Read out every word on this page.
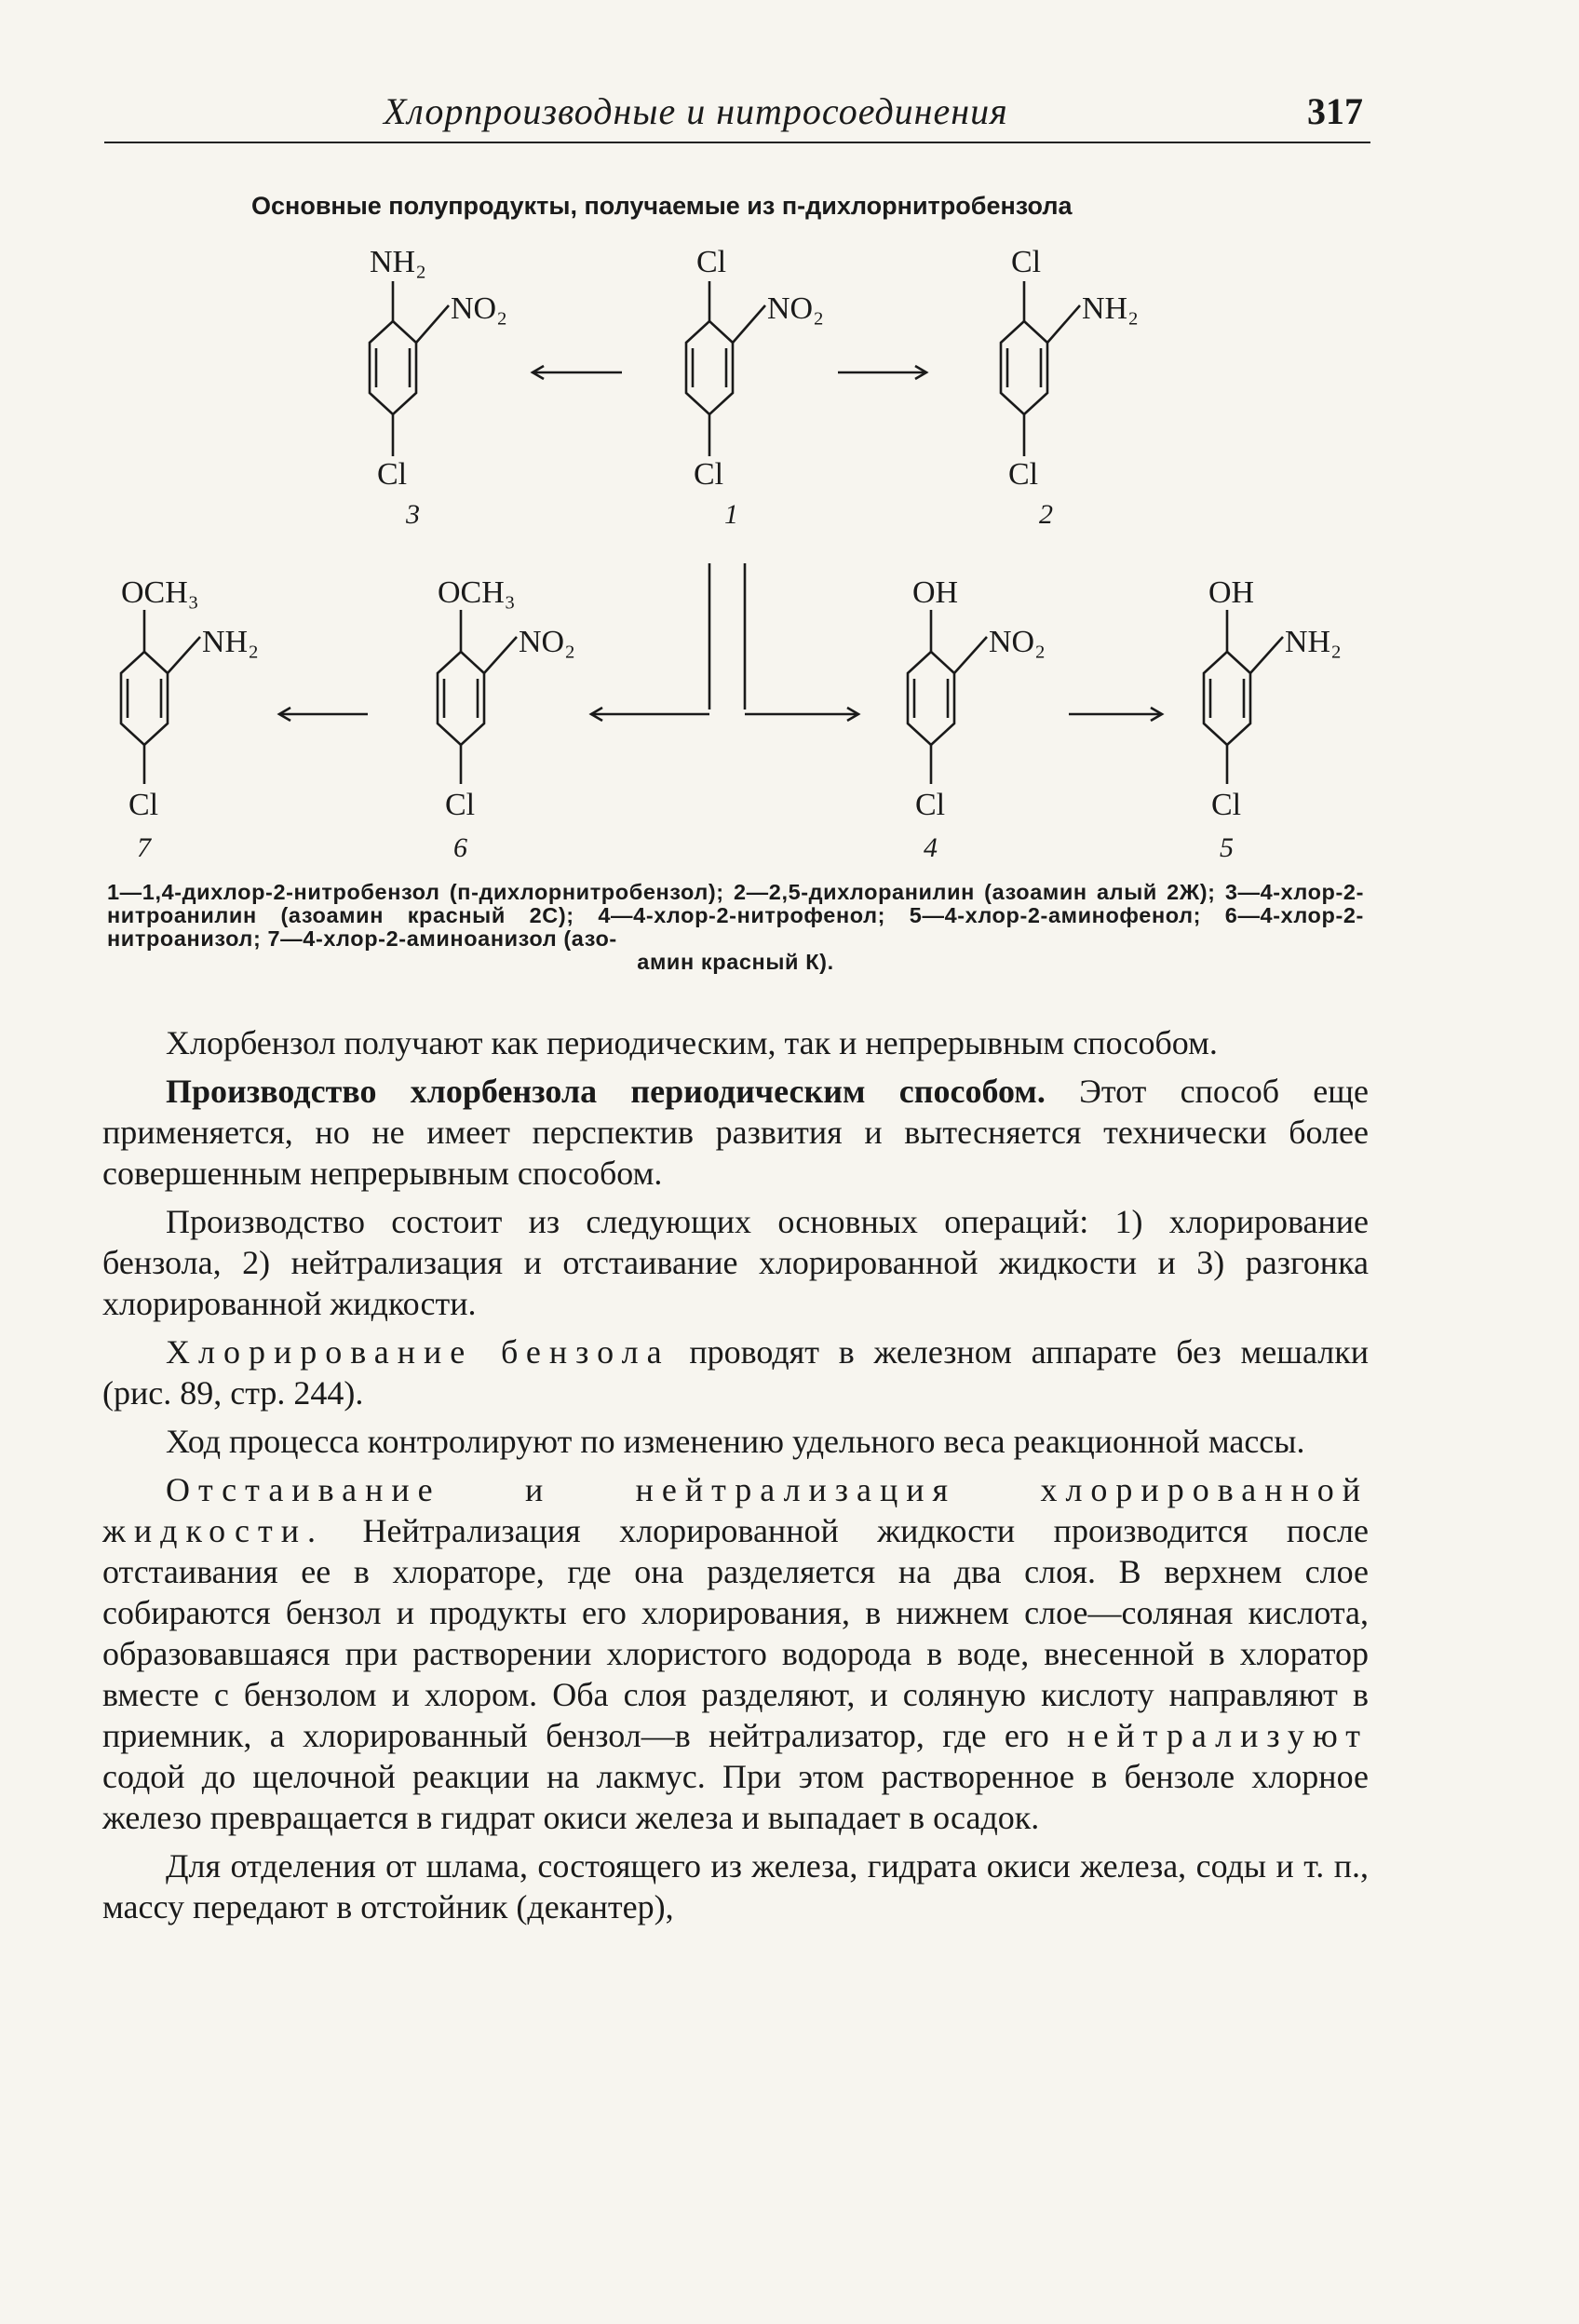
Хлорпроизводные и нитросоединения	317
Основные полупродукты, получаемые из п-дихлорнитробензола
NH₂
NO₂
Cl
3
Cl
NO₂
Cl
1
Cl
NH₂
Cl
2
OCH₃
NH₂
Cl
7
OCH₃
NO₂
Cl
6
OH
NO₂
Cl
4
OH
NH₂
Cl
5
1—1,4-дихлор-2-нитробензол (п-дихлорнитробензол); 2—2,5-дихлоранилин (азоамин алый 2Ж); 3—4-хлор-2-нитроанилин (азоамин красный 2С); 4—4-хлор-2-нитрофенол; 5—4-хлор-2-аминофенол; 6—4-хлор-2-нитроанизол; 7—4-хлор-2-аминоанизол (азо-
амин красный К).

Хлорбензол получают как периодическим, так и непрерывным способом.

Производство хлорбензола периодическим способом. Этот способ еще применяется, но не имеет перспектив развития и вытесняется технически более совершенным непрерывным способом.

Производство состоит из следующих основных операций: 1) хлорирование бензола, 2) нейтрализация и отстаивание хлорированной жидкости и 3) разгонка хлорированной жидкости.

Хлорирование бензола проводят в железном аппарате без мешалки (рис. 89, стр. 244).

Ход процесса контролируют по изменению удельного веса реакционной массы.

Отстаивание и нейтрализация хлорированной жидкости. Нейтрализация хлорированной жидкости производится после отстаивания ее в хлораторе, где она разделяется на два слоя. В верхнем слое собираются бензол и продукты его хлорирования, в нижнем слое—соляная кислота, образовавшаяся при растворении хлористого водорода в воде, внесенной в хлоратор вместе с бензолом и хлором. Оба слоя разделяют, и соляную кислоту направляют в приемник, а хлорированный бензол—в нейтрализатор, где его нейтрализуют содой до щелочной реакции на лакмус. При этом растворенное в бензоле хлорное железо превращается в гидрат окиси железа и выпадает в осадок.

Для отделения от шлама, состоящего из железа, гидрата окиси железа, соды и т. п., массу передают в отстойник (декантер),
